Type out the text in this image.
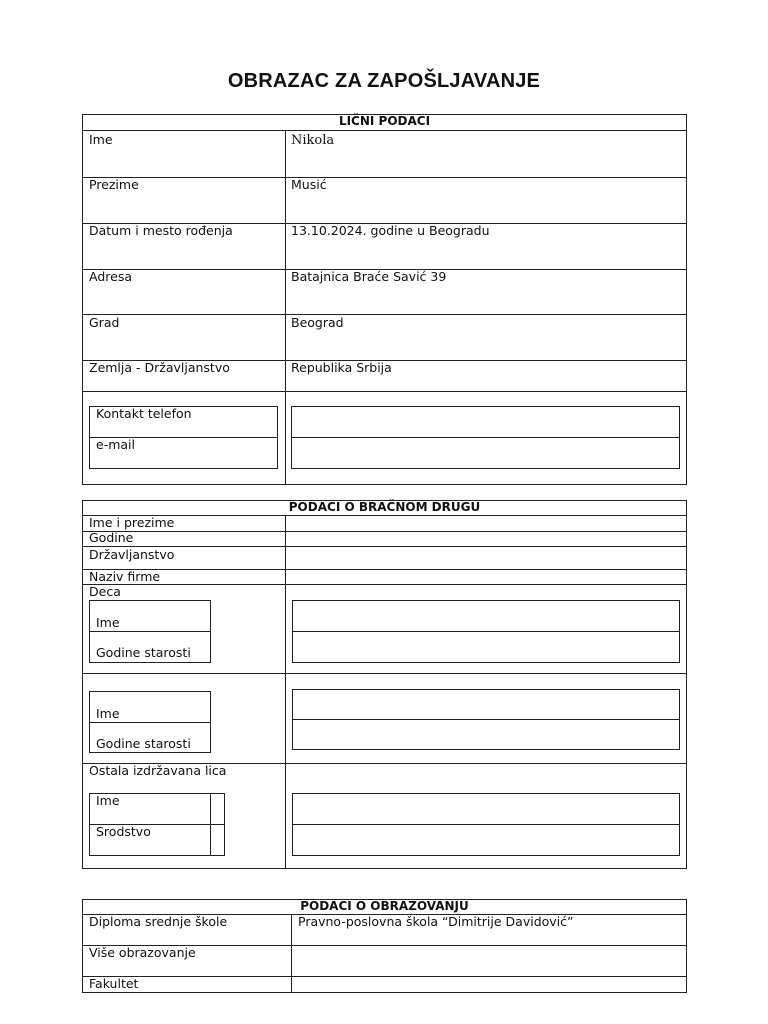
OBRAZAC ZA ZAPOŠLJAVANJE
LIČNI PODACI
Ime	Nikola
Prezime	Musić
Datum i mesto rođenja	13.10.2024. godine u Beogradu
Adresa	Batajnica Braće Savić 39
Grad	Beograd
Zemlja - Državljanstvo	Republika Srbija
Kontakt telefon
e-mail
PODACI O BRAČNOM DRUGU
Ime i prezime
Godine
Državljanstvo
Naziv firme
Deca
Ime
Godine starosti
Ime
Godine starosti
Ostala izdržavana lica
Ime
Srodstvo
PODACI O OBRAZOVANJU
Diploma srednje škole	Pravno-poslovna škola “Dimitrije Davidović”
Više obrazovanje
Fakultet
